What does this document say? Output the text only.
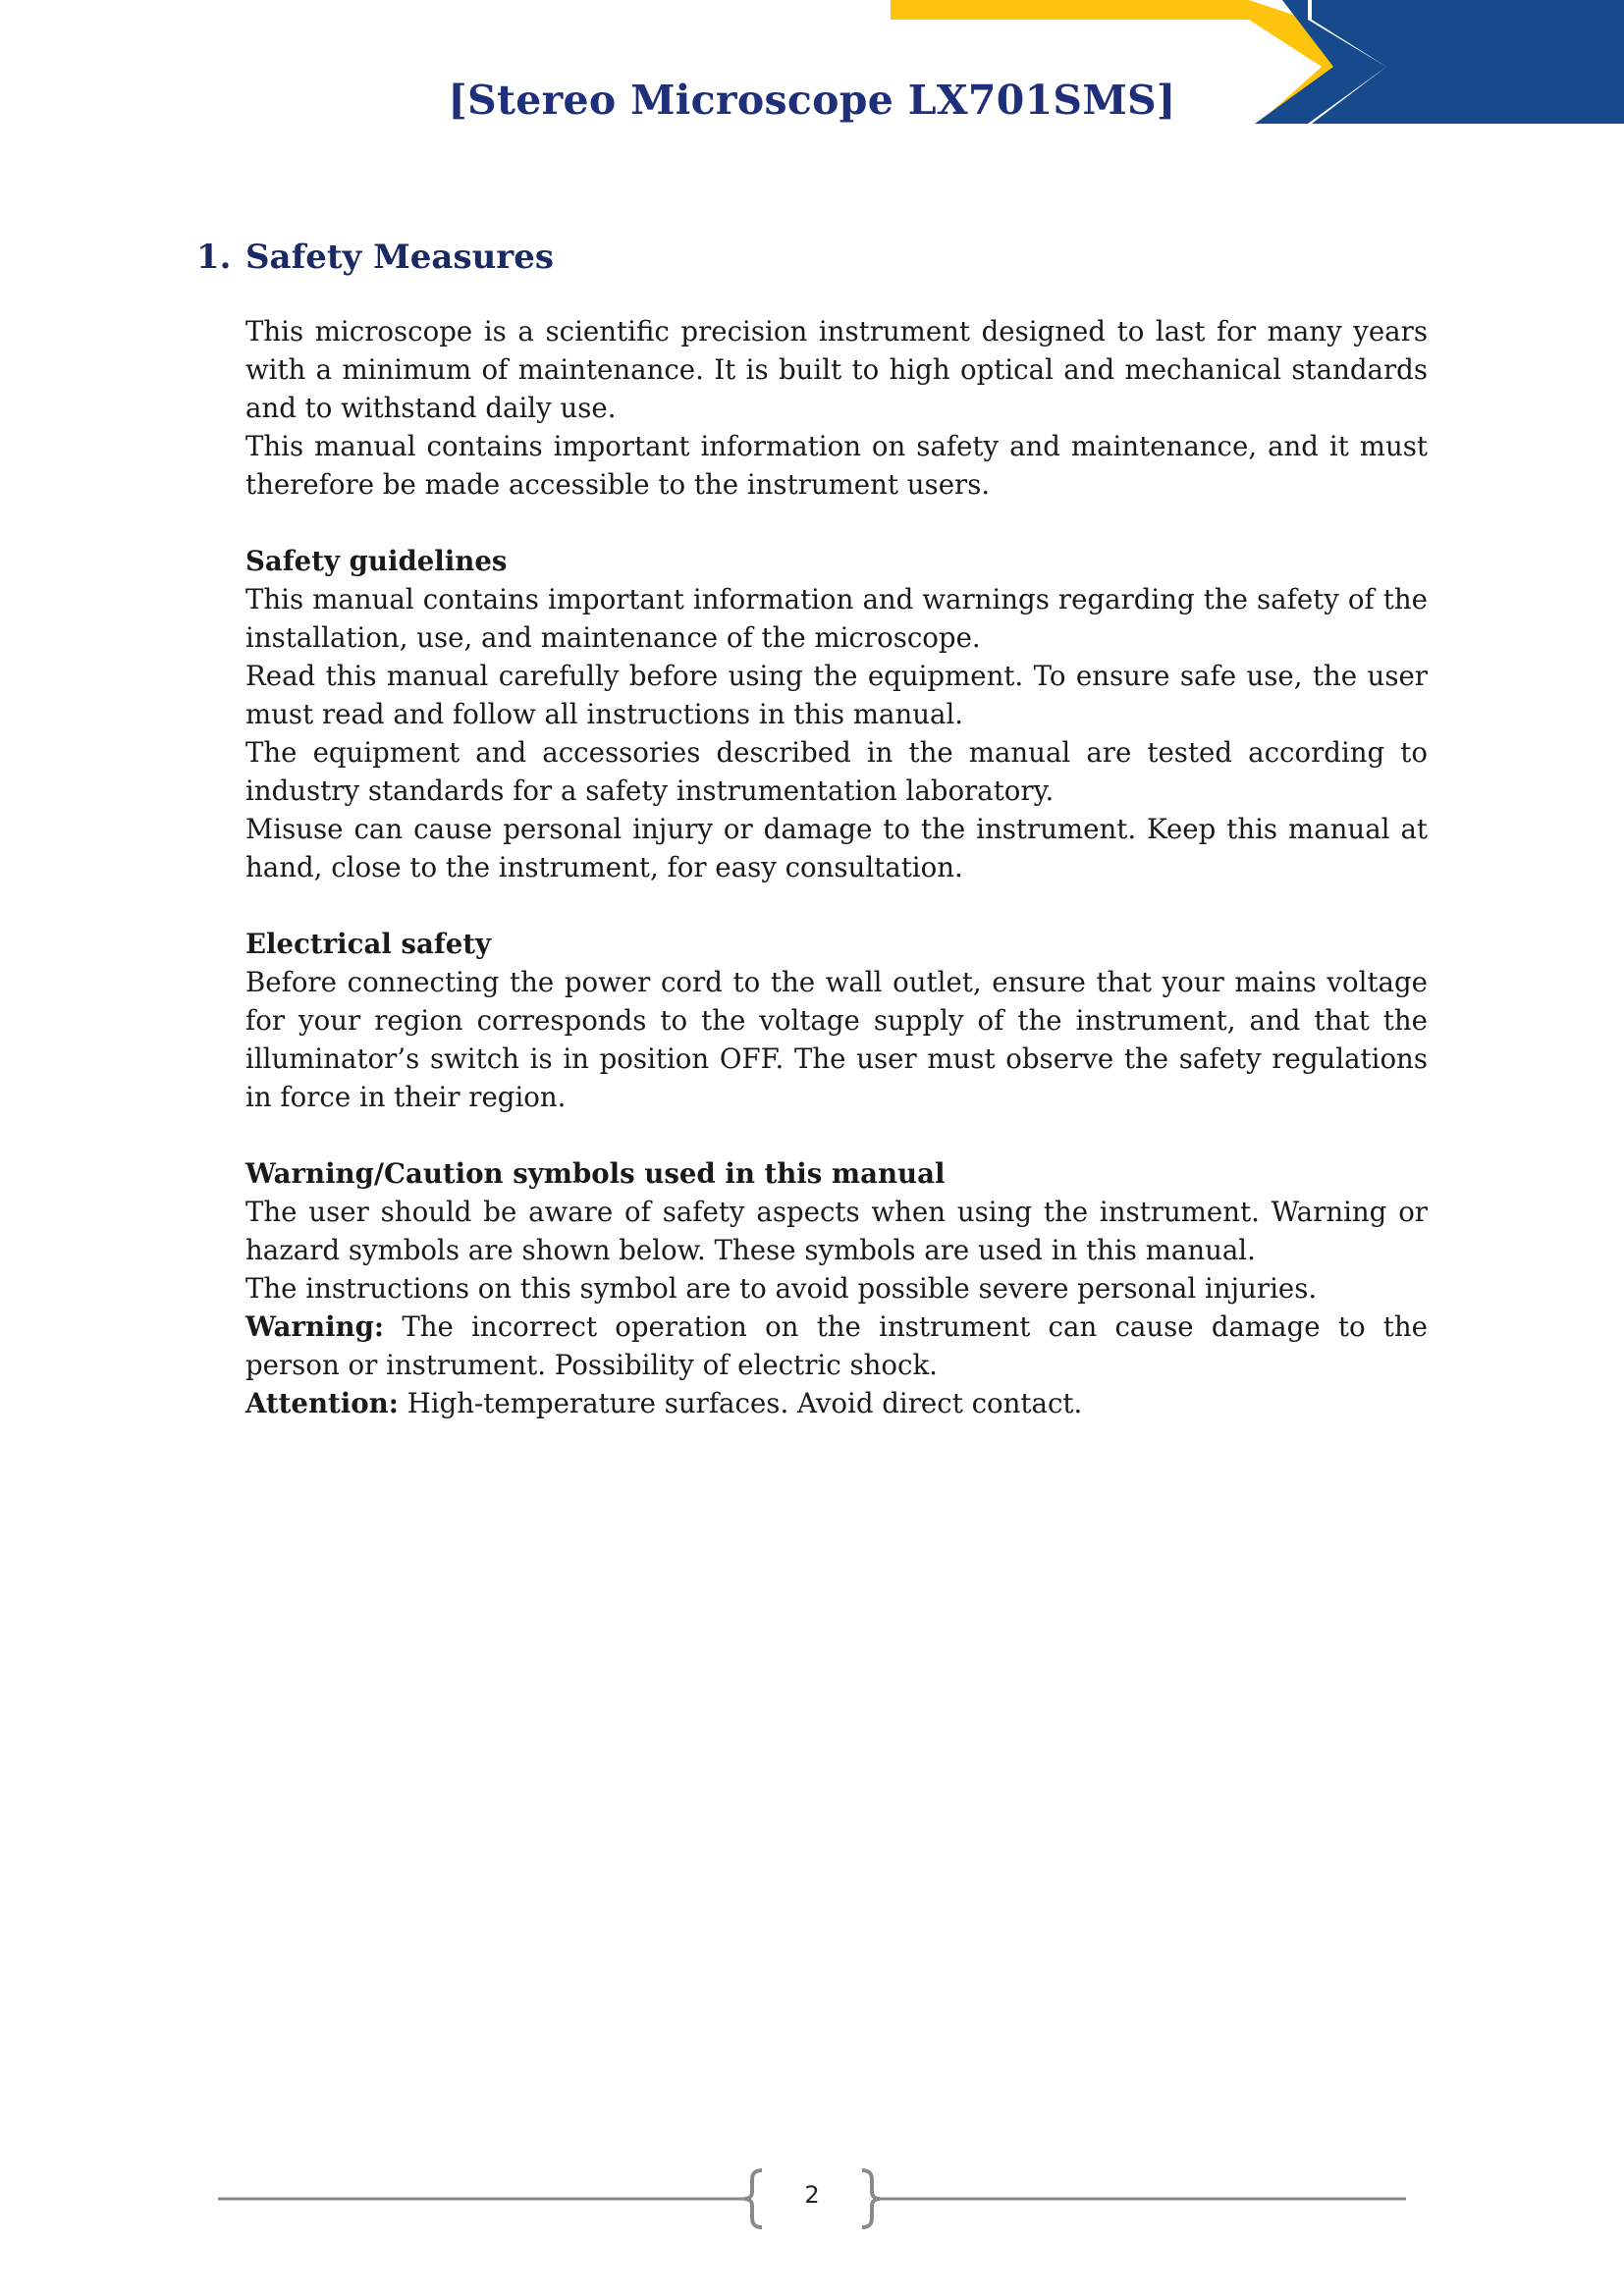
[Stereo Microscope LX701SMS]
1. Safety Measures

This microscope is a scientific precision instrument designed to last for many years with a minimum of maintenance. It is built to high optical and mechanical standards and to withstand daily use.

This manual contains important information on safety and maintenance, and it must therefore be made accessible to the instrument users.

Safety guidelines

This manual contains important information and warnings regarding the safety of the installation, use, and maintenance of the microscope.

Read this manual carefully before using the equipment. To ensure safe use, the user must read and follow all instructions in this manual.

The equipment and accessories described in the manual are tested according to industry standards for a safety instrumentation laboratory.

Misuse can cause personal injury or damage to the instrument. Keep this manual at hand, close to the instrument, for easy consultation.

Electrical safety

Before connecting the power cord to the wall outlet, ensure that your mains voltage for your region corresponds to the voltage supply of the instrument, and that the illuminator’s switch is in position OFF. The user must observe the safety regulations in force in their region.

Warning/Caution symbols used in this manual

The user should be aware of safety aspects when using the instrument. Warning or hazard symbols are shown below. These symbols are used in this manual.

The instructions on this symbol are to avoid possible severe personal injuries.

Warning: The incorrect operation on the instrument can cause damage to the person or instrument. Possibility of electric shock.

Attention: High-temperature surfaces. Avoid direct contact.

2
